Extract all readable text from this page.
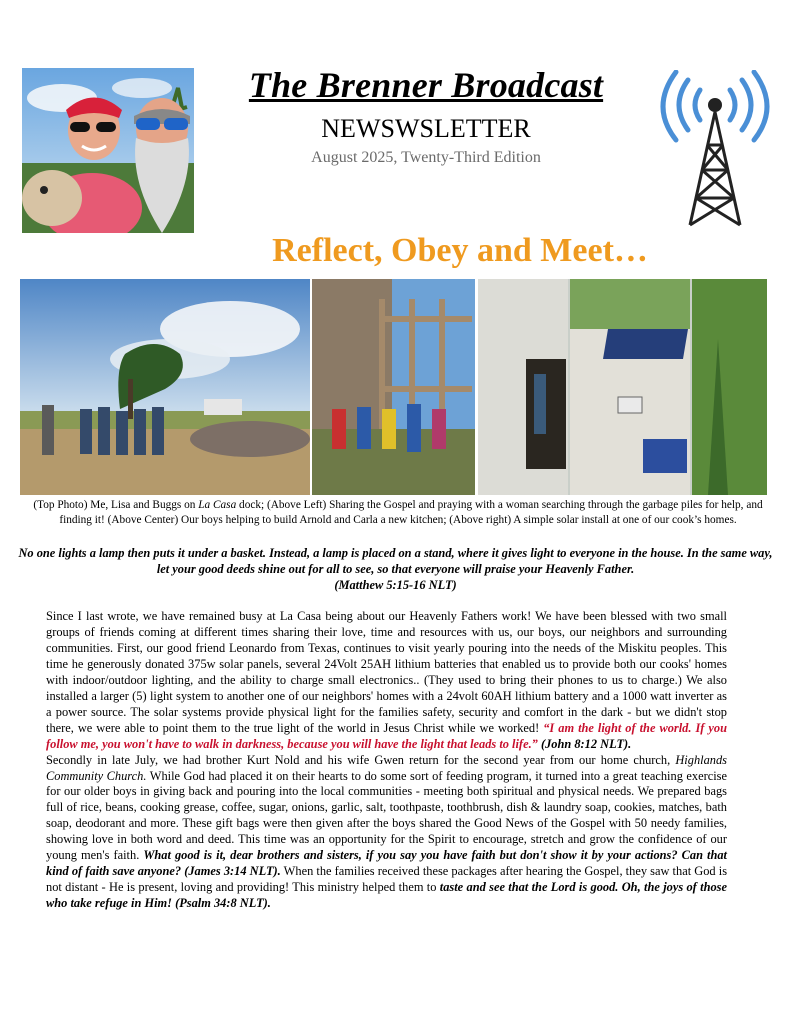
The Brenner Broadcast
NEWSWSLETTER
August 2025, Twenty-Third Edition
Reflect, Obey and Meet…
(Top Photo) Me, Lisa and Buggs on La Casa dock; (Above Left) Sharing the Gospel and praying with a woman searching through the garbage piles for help, and finding it! (Above Center) Our boys helping to build Arnold and Carla a new kitchen; (Above right) A simple solar install at one of our cook’s homes.
No one lights a lamp then puts it under a basket. Instead, a lamp is placed on a stand, where it gives light to everyone in the house. In the same way, let your good deeds shine out for all to see, so that everyone will praise your Heavenly Father.
(Matthew 5:15-16 NLT)

Since I last wrote, we have remained busy at La Casa being about our Heavenly Fathers work! We have been blessed with two small groups of friends coming at different times sharing their love, time and resources with us, our boys, our neighbors and surrounding communities. First, our good friend Leonardo from Texas, continues to visit yearly pouring into the needs of the Miskitu peoples. This time he generously donated 375w solar panels, several 24Volt 25AH lithium batteries that enabled us to provide both our cooks' homes with indoor/outdoor lighting, and the ability to charge small electronics.. (They used to bring their phones to us to charge.) We also installed a larger (5) light system to another one of our neighbors' homes with a 24volt 60AH lithium battery and a 1000 watt inverter as a power source. The solar systems provide physical light for the families safety, security and comfort in the dark - but we didn't stop there, we were able to point them to the true light of the world in Jesus Christ while we worked! “I am the light of the world. If you follow me, you won't have to walk in darkness, because you will have the light that leads to life.” (John 8:12 NLT).

Secondly in late July, we had brother Kurt Nold and his wife Gwen return for the second year from our home church, Highlands Community Church. While God had placed it on their hearts to do some sort of feeding program, it turned into a great teaching exercise for our older boys in giving back and pouring into the local communities - meeting both spiritual and physical needs. We prepared bags full of rice, beans, cooking grease, coffee, sugar, onions, garlic, salt, toothpaste, toothbrush, dish & laundry soap, cookies, matches, bath soap, deodorant and more. These gift bags were then given after the boys shared the Good News of the Gospel with 50 needy families, showing love in both word and deed. This time was an opportunity for the Spirit to encourage, stretch and grow the confidence of our young men's faith. What good is it, dear brothers and sisters, if you say you have faith but don't show it by your actions? Can that kind of faith save anyone? (James 3:14 NLT). When the families received these packages after hearing the Gospel, they saw that God is not distant - He is present, loving and providing! This ministry helped them to taste and see that the Lord is good. Oh, the joys of those who take refuge in Him! (Psalm 34:8 NLT).
